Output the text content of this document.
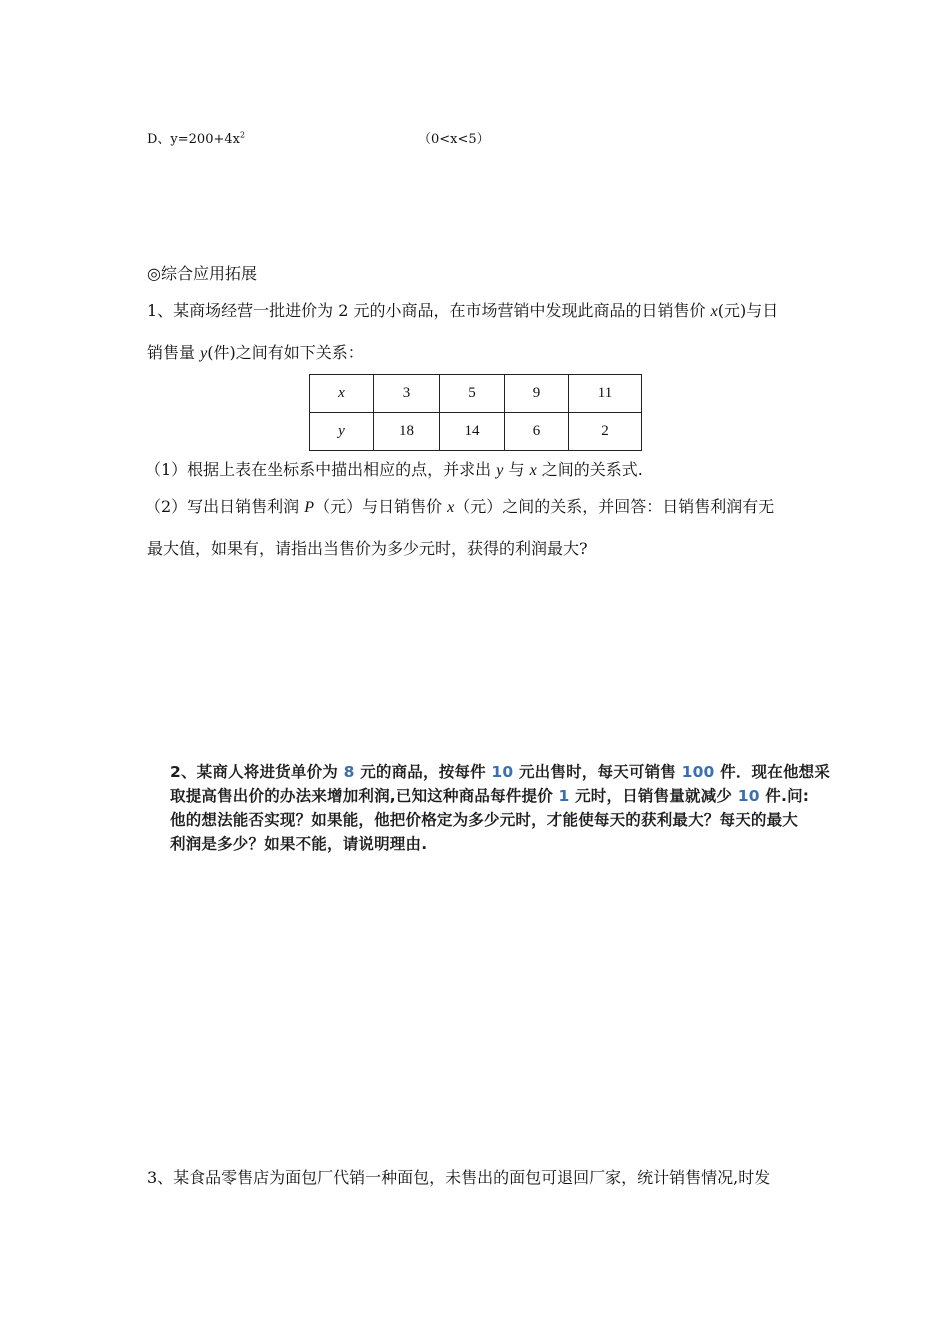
D、$y=200+4x^2$	（0<x<5）
◎综合应用拓展
1、某商场经营一批进价为 2 元的小商品，在市场营销中发现此商品的日销售价 x(元)与日
销售量 y(件)之间有如下关系：
x	3	5	9	11
y	18	14	6	2
（1）根据上表在坐标系中描出相应的点，并求出 y 与 x 之间的关系式.
（2）写出日销售利润 P（元）与日销售价 x（元）之间的关系，并回答：日销售利润有无
最大值，如果有，请指出当售价为多少元时，获得的利润最大?
2、某商人将进货单价为 8 元的商品，按每件 10 元出售时，每天可销售 100 件．现在他想采
取提高售出价的办法来增加利润,已知这种商品每件提价 1 元时，日销售量就减少 10 件.问:
他的想法能否实现？如果能，他把价格定为多少元时，才能使每天的获利最大？每天的最大
利润是多少？如果不能，请说明理由.
3、某食品零售店为面包厂代销一种面包，未售出的面包可退回厂家，统计销售情况,时发
